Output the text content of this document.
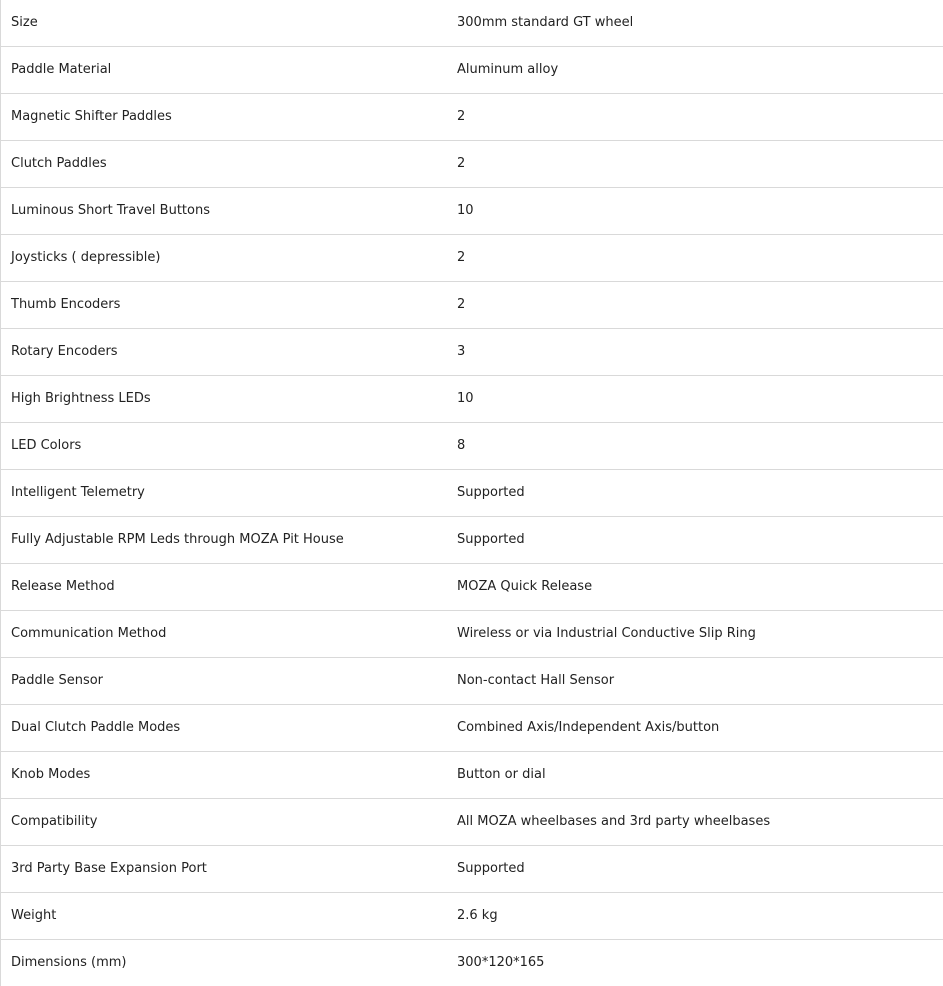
Size	300mm standard GT wheel
Paddle Material	Aluminum alloy
Magnetic Shifter Paddles	2
Clutch Paddles	2
Luminous Short Travel Buttons	10
Joysticks ( depressible)	2
Thumb Encoders	2
Rotary Encoders	3
High Brightness LEDs	10
LED Colors	8
Intelligent Telemetry	Supported
Fully Adjustable RPM Leds through MOZA Pit House	Supported
Release Method	MOZA Quick Release
Communication Method	Wireless or via Industrial Conductive Slip Ring
Paddle Sensor	Non-contact Hall Sensor
Dual Clutch Paddle Modes	Combined Axis/Independent Axis/button
Knob Modes	Button or dial
Compatibility	All MOZA wheelbases and 3rd party wheelbases
3rd Party Base Expansion Port	Supported
Weight	2.6 kg
Dimensions (mm)	300*120*165
